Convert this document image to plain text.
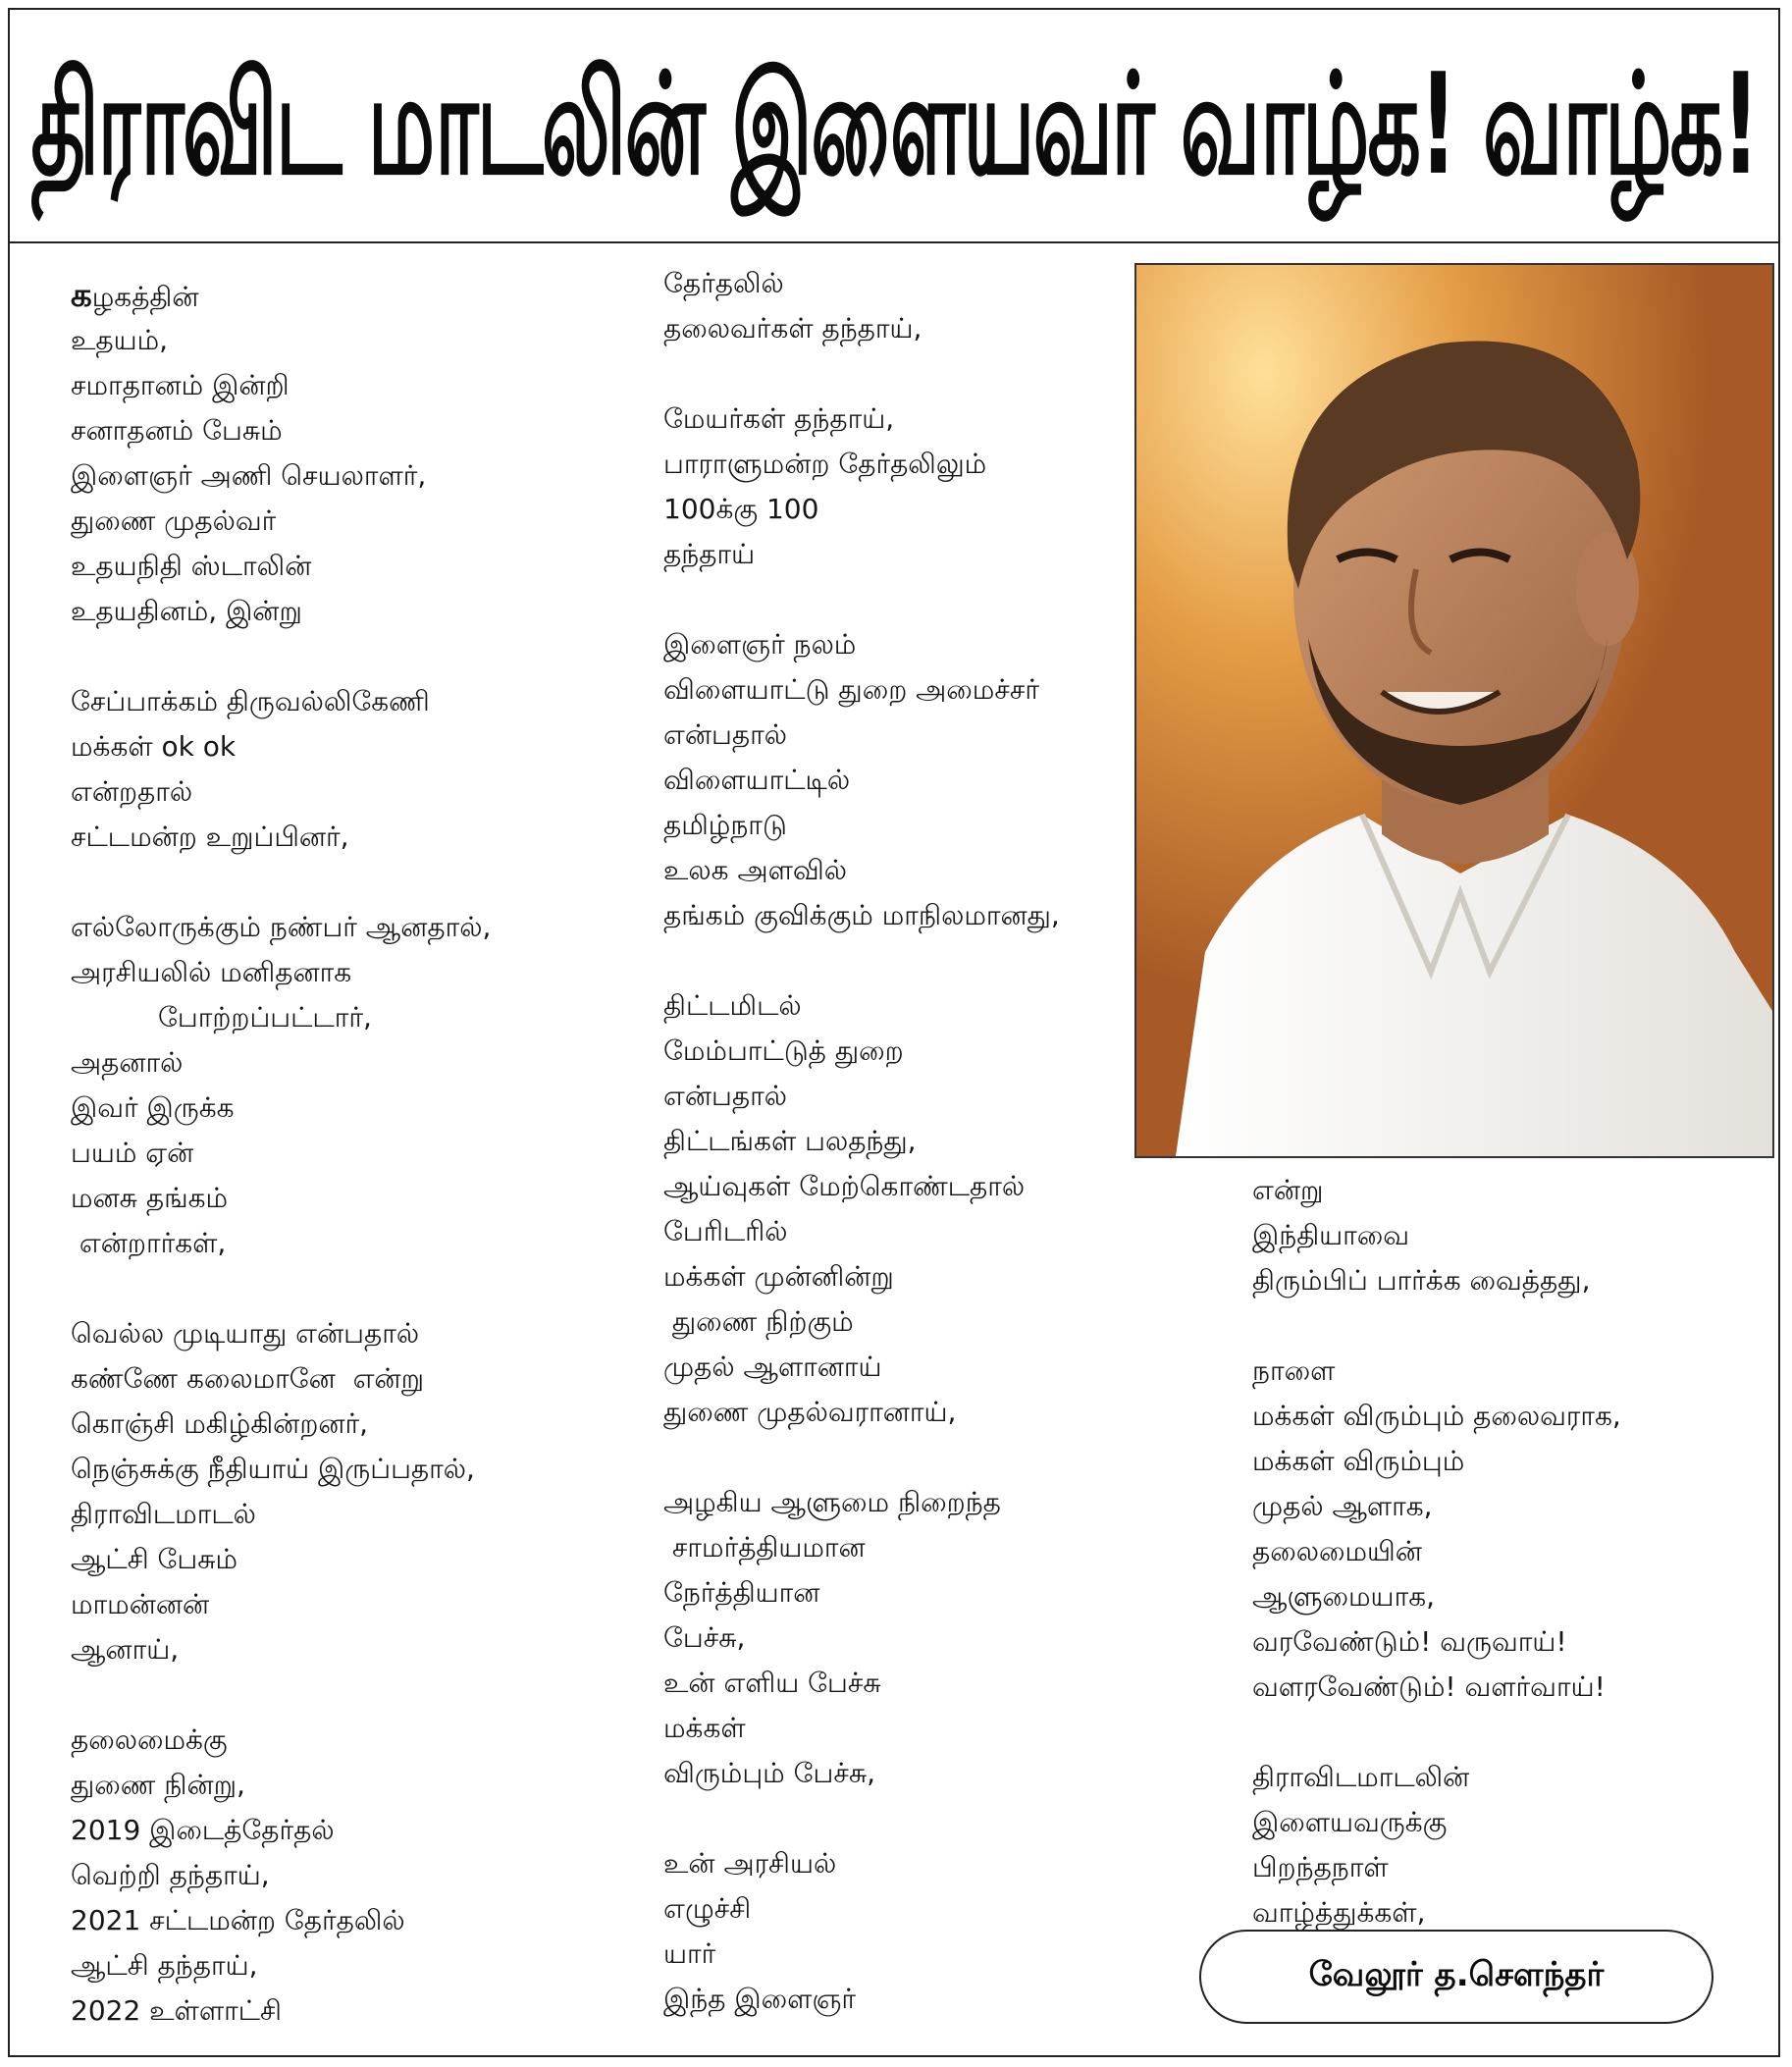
திராவிட மாடலின் இளையவர் வாழ்க! வாழ்க!
கழகத்தின்
உதயம்,
சமாதானம் இன்றி
சனாதனம் பேசும்
இளைஞர் அணி செயலாளர்,
துணை முதல்வர்
உதயநிதி ஸ்டாலின்
உதயதினம், இன்று
சேப்பாக்கம் திருவல்லிகேணி
மக்கள் ok ok
என்றதால்
சட்டமன்ற உறுப்பினர்,
எல்லோருக்கும் நண்பர் ஆனதால்,
அரசியலில் மனிதனாக
போற்றப்பட்டார்,
அதனால்
இவர் இருக்க
பயம் ஏன்
மனசு தங்கம்
என்றார்கள்,
வெல்ல முடியாது என்பதால்
கண்ணே கலைமானே  என்று
கொஞ்சி மகிழ்கின்றனர்,
நெஞ்சுக்கு நீதியாய் இருப்பதால்,
திராவிடமாடல்
ஆட்சி பேசும்
மாமன்னன்
ஆனாய்,
தலைமைக்கு
துணை நின்று,
2019 இடைத்தேர்தல்
வெற்றி தந்தாய்,
2021 சட்டமன்ற தேர்தலில்
ஆட்சி தந்தாய்,
2022 உள்ளாட்சி
தேர்தலில்
தலைவர்கள் தந்தாய்,
மேயர்கள் தந்தாய்,
பாராளுமன்ற தேர்தலிலும்
100க்கு 100
தந்தாய்
இளைஞர் நலம்
விளையாட்டு துறை அமைச்சர்
என்பதால்
விளையாட்டில்
தமிழ்நாடு
உலக அளவில்
தங்கம் குவிக்கும் மாநிலமானது,
திட்டமிடல்
மேம்பாட்டுத் துறை
என்பதால்
திட்டங்கள் பலதந்து,
ஆய்வுகள் மேற்கொண்டதால்
பேரிடரில்
மக்கள் முன்னின்று
துணை நிற்கும்
முதல் ஆளானாய்
துணை முதல்வரானாய்,
அழகிய ஆளுமை நிறைந்த
சாமர்த்தியமான
நேர்த்தியான
பேச்சு,
உன் எளிய பேச்சு
மக்கள்
விரும்பும் பேச்சு,
உன் அரசியல்
எழுச்சி
யார்
இந்த இளைஞர்
என்று
இந்தியாவை
திரும்பிப் பார்க்க வைத்தது,
நாளை
மக்கள் விரும்பும் தலைவராக,
மக்கள் விரும்பும்
முதல் ஆளாக,
தலைமையின்
ஆளுமையாக,
வரவேண்டும்! வருவாய்!
வளரவேண்டும்! வளர்வாய்!
திராவிடமாடலின்
இளையவருக்கு
பிறந்தநாள்
வாழ்த்துக்கள்,
வேலூர் த.சௌந்தர்
